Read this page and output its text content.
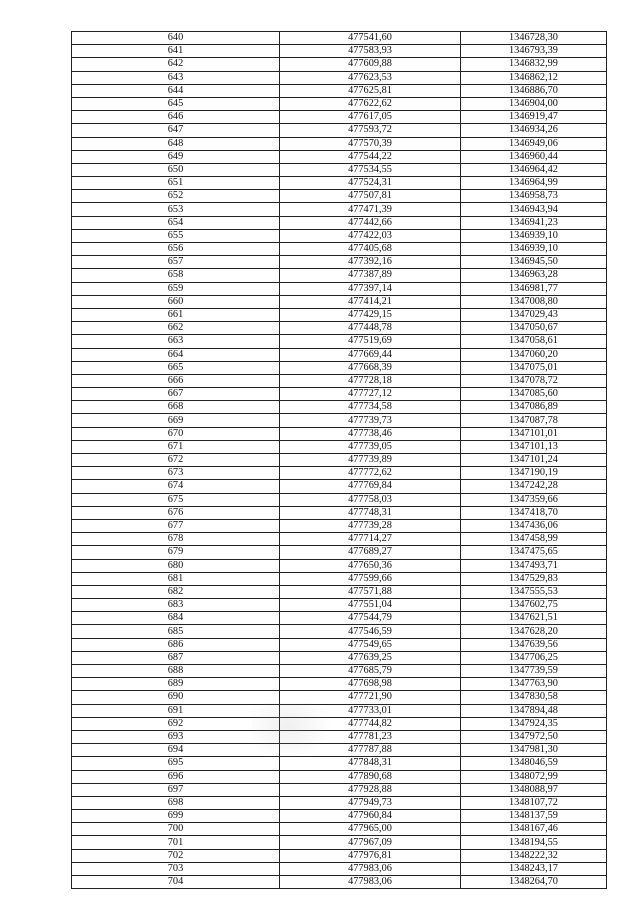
640	477541,60	1346728,30
641	477583,93	1346793,39
642	477609,88	1346832,99
643	477623,53	1346862,12
644	477625,81	1346886,70
645	477622,62	1346904,00
646	477617,05	1346919,47
647	477593,72	1346934,26
648	477570,39	1346949,06
649	477544,22	1346960,44
650	477534,55	1346964,42
651	477524,31	1346964,99
652	477507,81	1346958,73
653	477471,39	1346943,94
654	477442,66	1346941,23
655	477422,03	1346939,10
656	477405,68	1346939,10
657	477392,16	1346945,50
658	477387,89	1346963,28
659	477397,14	1346981,77
660	477414,21	1347008,80
661	477429,15	1347029,43
662	477448,78	1347050,67
663	477519,69	1347058,61
664	477669,44	1347060,20
665	477668,39	1347075,01
666	477728,18	1347078,72
667	477727,12	1347085,60
668	477734,58	1347086,89
669	477739,73	1347087,78
670	477738,46	1347101,01
671	477739,05	1347101,13
672	477739,89	1347101,24
673	477772,62	1347190,19
674	477769,84	1347242,28
675	477758,03	1347359,66
676	477748,31	1347418,70
677	477739,28	1347436,06
678	477714,27	1347458,99
679	477689,27	1347475,65
680	477650,36	1347493,71
681	477599,66	1347529,83
682	477571,88	1347555,53
683	477551,04	1347602,75
684	477544,79	1347621,51
685	477546,59	1347628,20
686	477549,65	1347639,56
687	477639,25	1347706,25
688	477685,79	1347739,59
689	477698,98	1347763,90
690	477721,90	1347830,58
691	477733,01	1347894,48
692	477744,82	1347924,35
693	477781,23	1347972,50
694	477787,88	1347981,30
695	477848,31	1348046,59
696	477890,68	1348072,99
697	477928,88	1348088,97
698	477949,73	1348107,72
699	477960,84	1348137,59
700	477965,00	1348167,46
701	477967,09	1348194,55
702	477976,81	1348222,32
703	477983,06	1348243,17
704	477983,06	1348264,70
